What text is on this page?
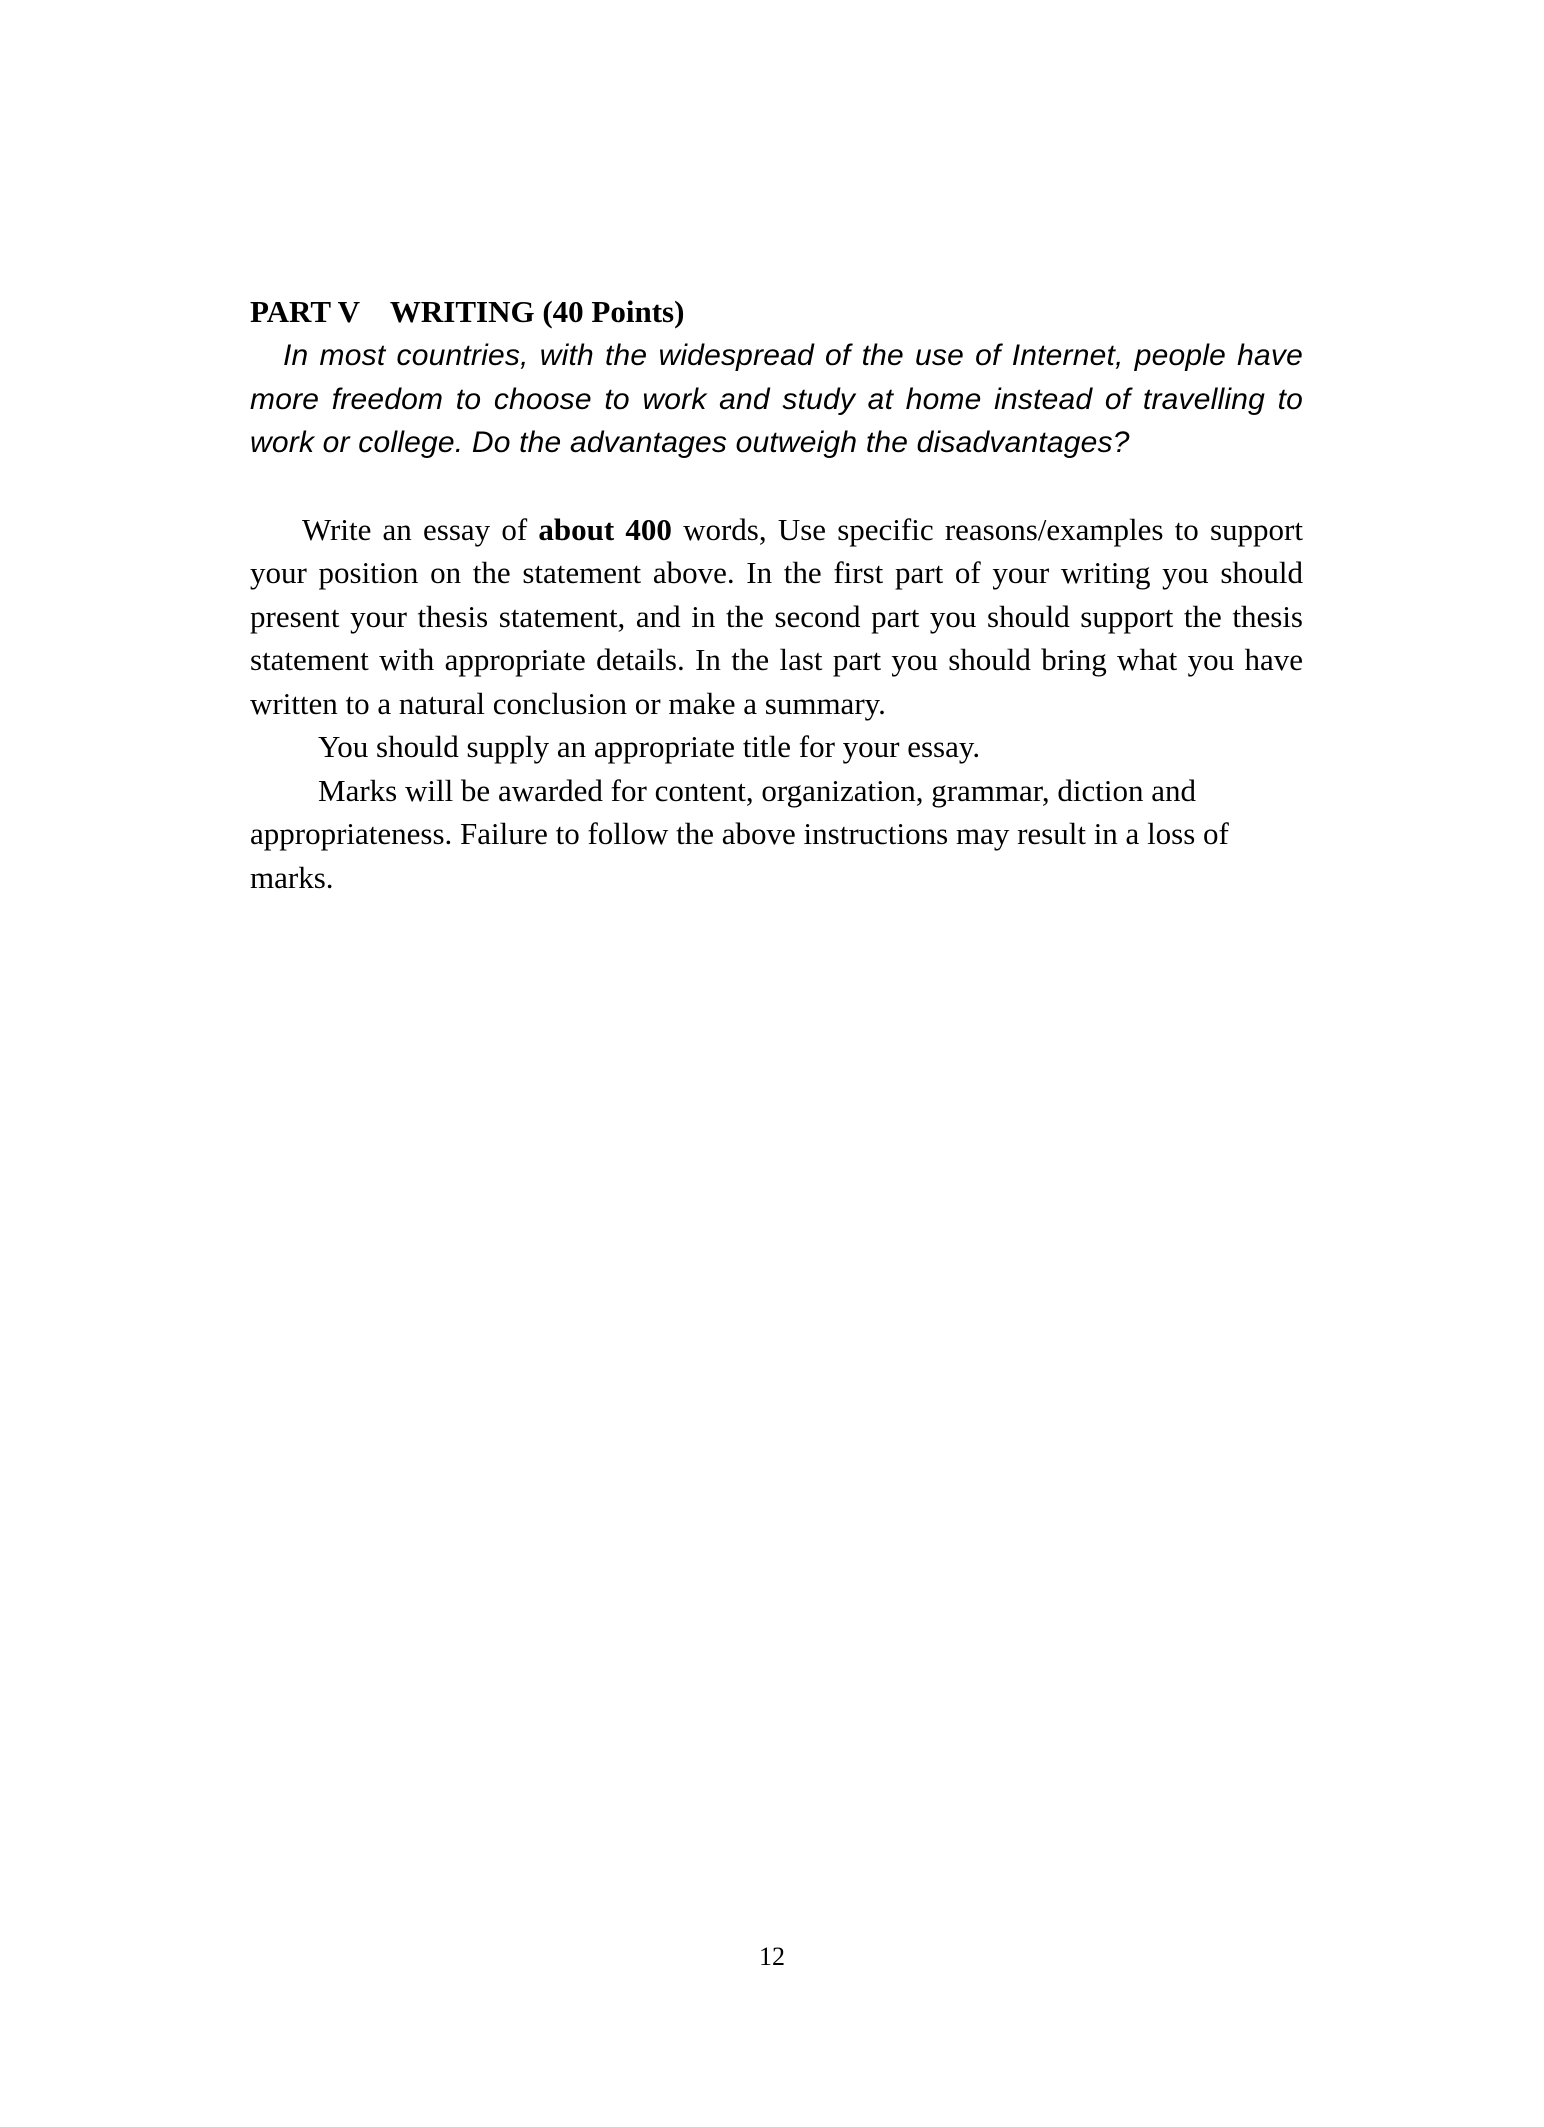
PART V WRITING (40 Points)

In most countries, with the widespread of the use of Internet, people have more freedom to choose to work and study at home instead of travelling to work or college. Do the advantages outweigh the disadvantages?

Write an essay of about 400 words, Use specific reasons/examples to support your position on the statement above. In the first part of your writing you should present your thesis statement, and in the second part you should support the thesis statement with appropriate details. In the last part you should bring what you have written to a natural conclusion or make a summary.

You should supply an appropriate title for your essay.

Marks will be awarded for content, organization, grammar, diction and appropriateness. Failure to follow the above instructions may result in a loss of marks.

12
